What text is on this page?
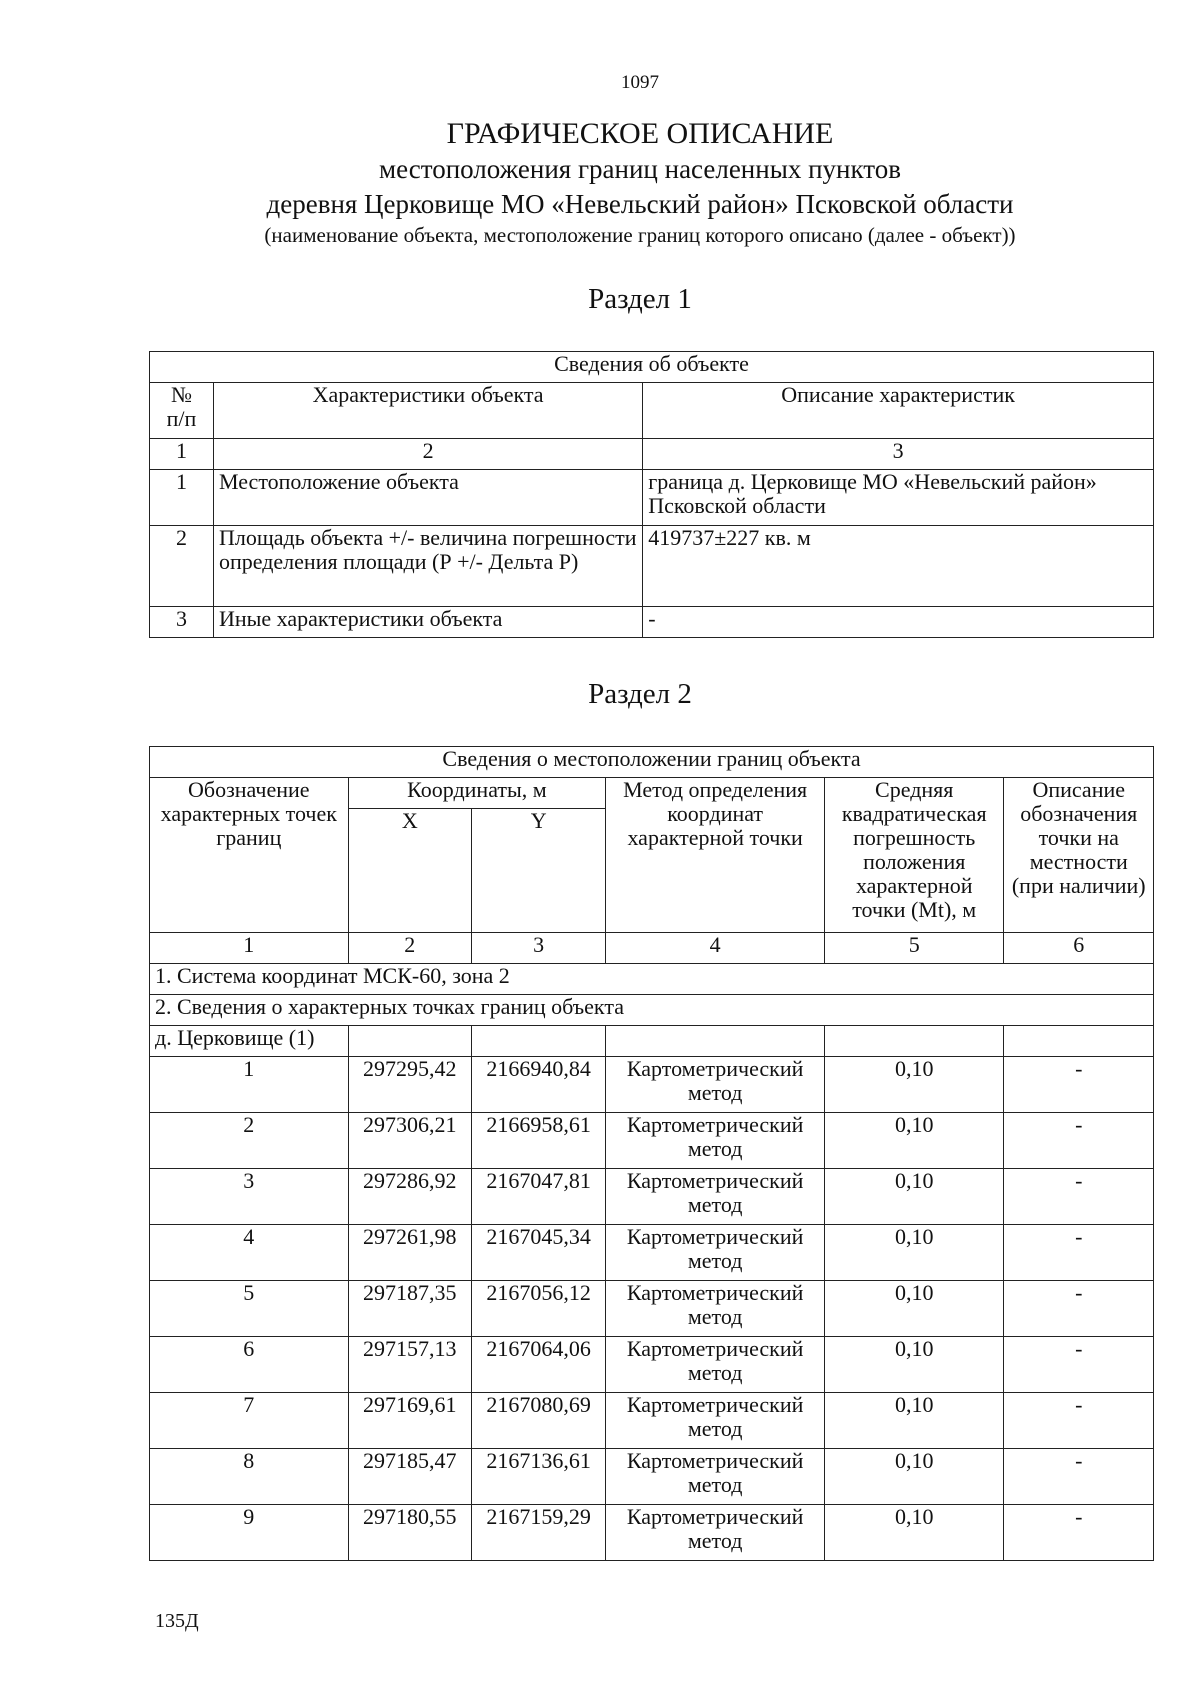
1097
ГРАФИЧЕСКОЕ ОПИСАНИЕ
местоположения границ населенных пунктов
деревня Церковище МО «Невельский район» Псковской области
(наименование объекта, местоположение границ которого описано (далее - объект))
Раздел 1
Сведения об объекте		
№
п/п	Характеристики объекта	Описание характеристик
1	2	3
1	Местоположение объекта	граница д. Церковище МО «Невельский район» Псковской области
2	Площадь объекта +/- величина погрешности определения площади (Р +/- Дельта Р)	419737±227 кв. м
3	Иные характеристики объекта	-
Раздел 2
Сведения о местоположении границ объекта					
Обозначение характерных точек границ	Координаты, м		Метод определения координат характерной точки	Средняя квадратическая погрешность положения характерной точки (Mt), м	Описание обозначения точки на местности (при наличии)
	X	Y			
1	2	3	4	5	6
1. Система координат МСК-60, зона 2					
2. Сведения о характерных точках границ объекта					
д. Церковище (1)					
1	297295,42	2166940,84	Картометрический метод	0,10	-
2	297306,21	2166958,61	Картометрический метод	0,10	-
3	297286,92	2167047,81	Картометрический метод	0,10	-
4	297261,98	2167045,34	Картометрический метод	0,10	-
5	297187,35	2167056,12	Картометрический метод	0,10	-
6	297157,13	2167064,06	Картометрический метод	0,10	-
7	297169,61	2167080,69	Картометрический метод	0,10	-
8	297185,47	2167136,61	Картометрический метод	0,10	-
9	297180,55	2167159,29	Картометрический метод	0,10	-
135Д
